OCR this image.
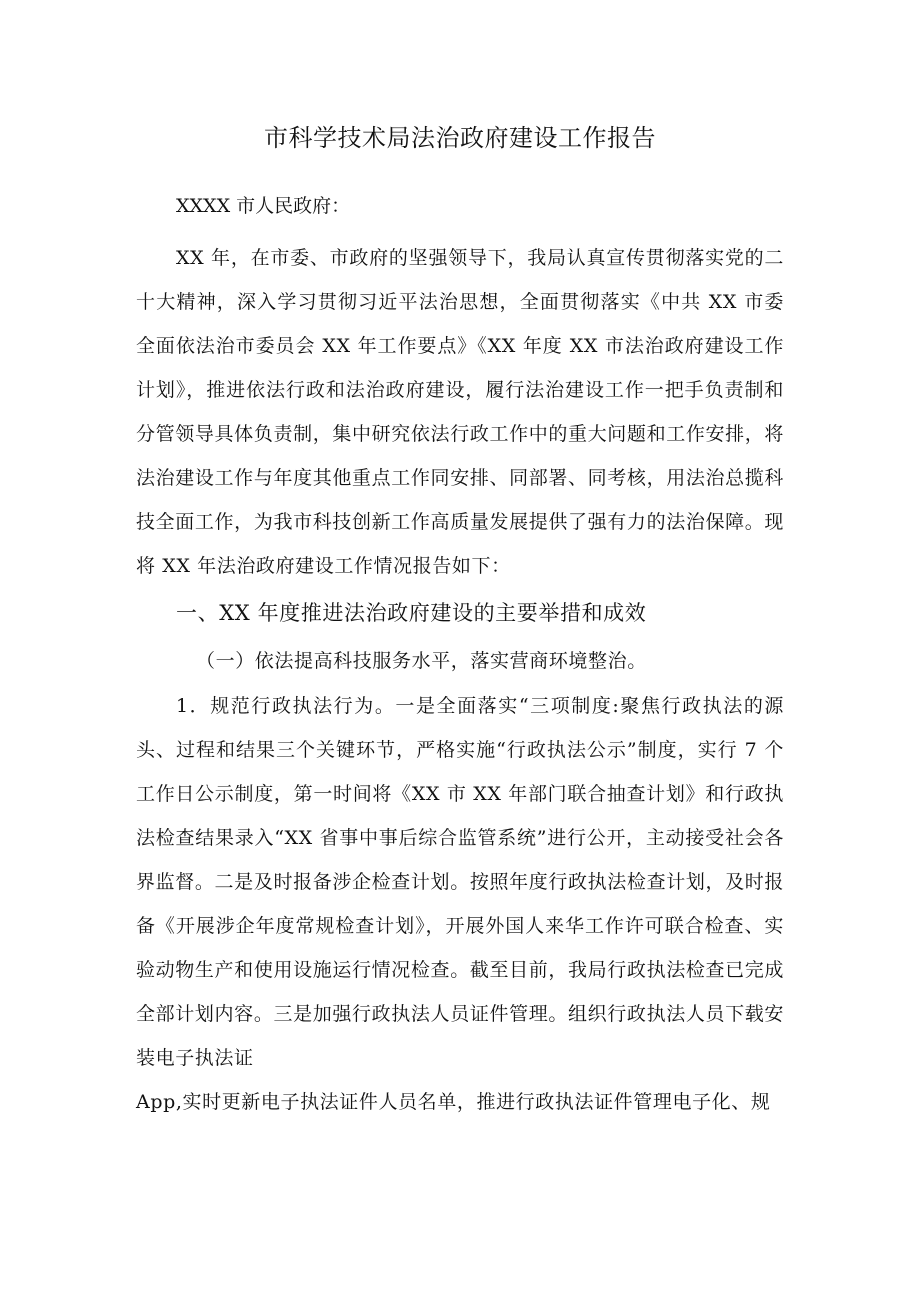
市科学技术局法治政府建设工作报告

XXXX 市人民政府：

XX 年，在市委、市政府的坚强领导下，我局认真宣传贯彻落实党的二十大精神，深入学习贯彻习近平法治思想，全面贯彻落实《中共 XX 市委全面依法治市委员会 XX 年工作要点》《XX 年度 XX 市法治政府建设工作计划》，推进依法行政和法治政府建设，履行法治建设工作一把手负责制和分管领导具体负责制，集中研究依法行政工作中的重大问题和工作安排，将法治建设工作与年度其他重点工作同安排、同部署、同考核，用法治总揽科技全面工作，为我市科技创新工作高质量发展提供了强有力的法治保障。现将 XX 年法治政府建设工作情况报告如下：

一、XX 年度推进法治政府建设的主要举措和成效

（一）依法提高科技服务水平，落实营商环境整治。

1．规范行政执法行为。一是全面落实“三项制度:聚焦行政执法的源头、过程和结果三个关键环节，严格实施“行政执法公示”制度，实行 7 个工作日公示制度，第一时间将《XX 市 XX 年部门联合抽查计划》和行政执法检查结果录入“XX 省事中事后综合监管系统”进行公开，主动接受社会各界监督。二是及时报备涉企检查计划。按照年度行政执法检查计划，及时报备《开展涉企年度常规检查计划》，开展外国人来华工作许可联合检查、实验动物生产和使用设施运行情况检查。截至目前，我局行政执法检查已完成全部计划内容。三是加强行政执法人员证件管理。组织行政执法人员下载安装电子执法证

App,实时更新电子执法证件人员名单，推进行政执法证件管理电子化、规
